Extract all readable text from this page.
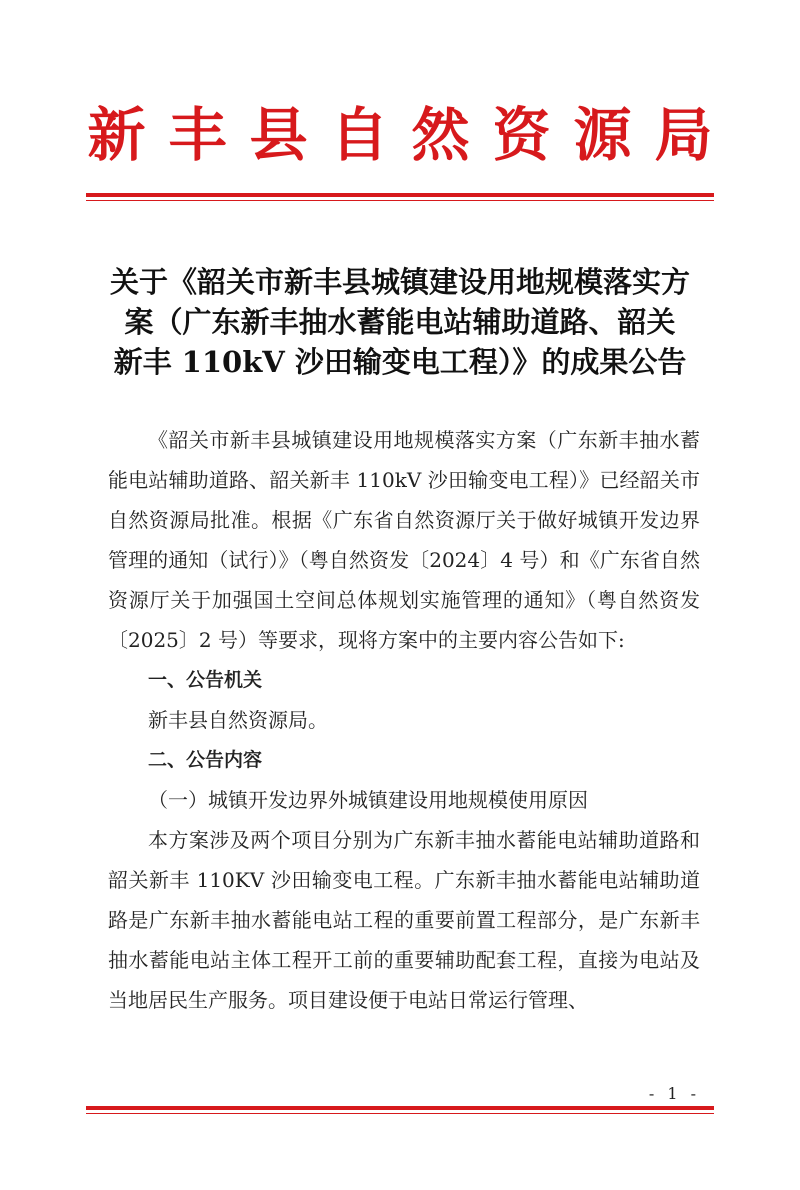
新丰县自然资源局
关于《韶关市新丰县城镇建设用地规模落实方
案（广东新丰抽水蓄能电站辅助道路、韶关
新丰 110kV 沙田输变电工程）》的成果公告

《韶关市新丰县城镇建设用地规模落实方案（广东新丰抽水蓄能电站辅助道路、韶关新丰 110kV 沙田输变电工程）》已经韶关市自然资源局批准。根据《广东省自然资源厅关于做好城镇开发边界管理的通知（试行）》（粤自然资发〔2024〕4 号）和《广东省自然资源厅关于加强国土空间总体规划实施管理的通知》（粤自然资发〔2025〕2 号）等要求，现将方案中的主要内容公告如下:

一、公告机关

新丰县自然资源局。

二、公告内容

（一）城镇开发边界外城镇建设用地规模使用原因

本方案涉及两个项目分别为广东新丰抽水蓄能电站辅助道路和韶关新丰 110KV 沙田输变电工程。广东新丰抽水蓄能电站辅助道路是广东新丰抽水蓄能电站工程的重要前置工程部分，是广东新丰抽水蓄能电站主体工程开工前的重要辅助配套工程，直接为电站及当地居民生产服务。项目建设便于电站日常运行管理、

- 1 -
